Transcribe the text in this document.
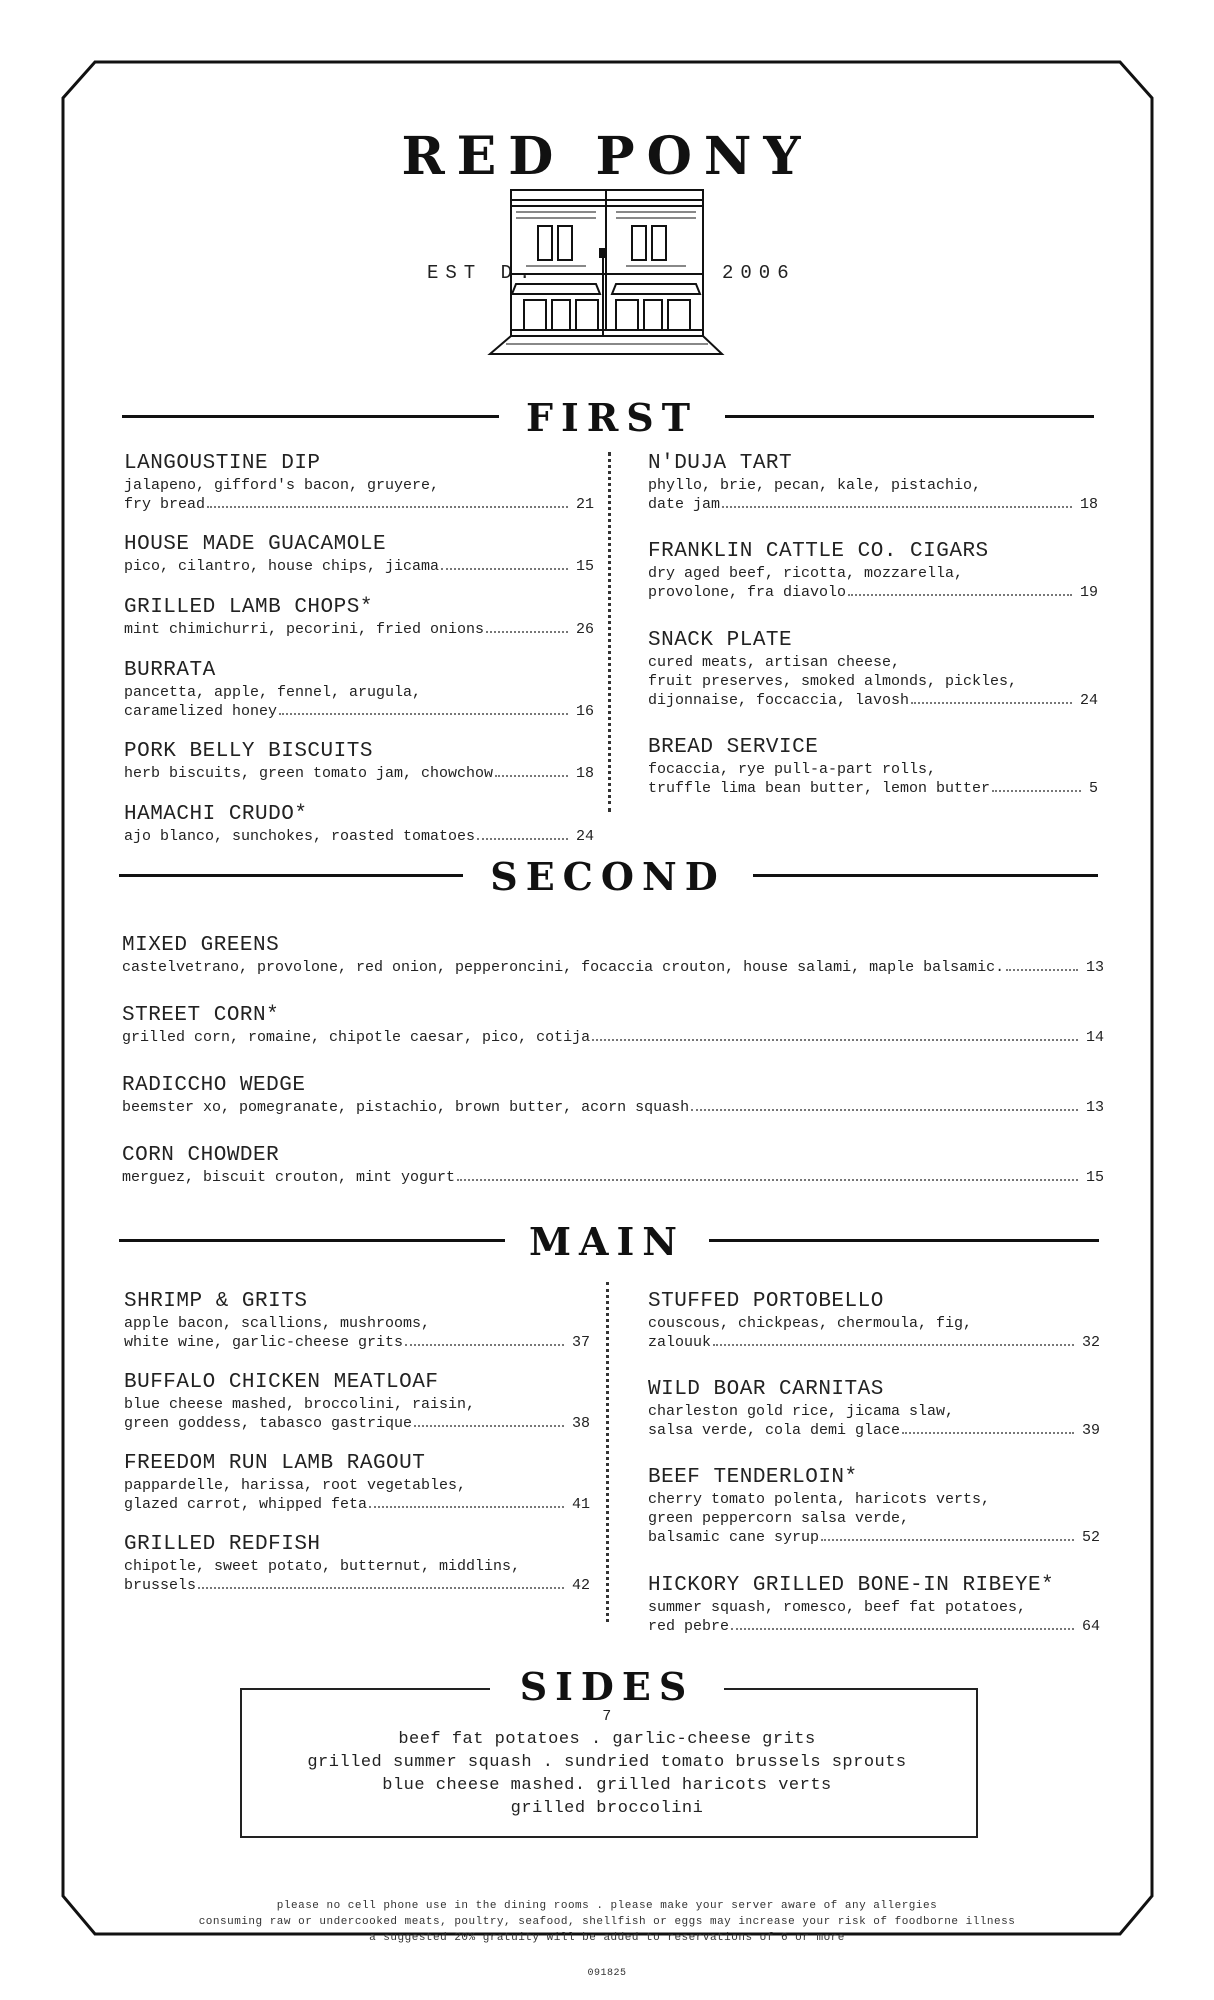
RED PONY
EST D.	2006
FIRST
LANGOUSTINE DIP
jalapeno, gifford's bacon, gruyere,
fry bread	21
HOUSE MADE GUACAMOLE
pico, cilantro, house chips, jicama	15
GRILLED LAMB CHOPS*
mint chimichurri, pecorini, fried onions	26
BURRATA
pancetta, apple, fennel, arugula,
caramelized honey	16
PORK BELLY BISCUITS
herb biscuits, green tomato jam, chowchow	18
HAMACHI CRUDO*
ajo blanco, sunchokes, roasted tomatoes	24
N'DUJA TART
phyllo, brie, pecan, kale, pistachio,
date jam	18
FRANKLIN CATTLE CO. CIGARS
dry aged beef, ricotta, mozzarella,
provolone, fra diavolo	19
SNACK PLATE
cured meats, artisan cheese,
fruit preserves, smoked almonds, pickles,
dijonnaise, foccaccia, lavosh	24
BREAD SERVICE
focaccia, rye pull-a-part rolls,
truffle lima bean butter, lemon butter	5
SECOND
MIXED GREENS
castelvetrano, provolone, red onion, pepperoncini, focaccia crouton, house salami, maple balsamic.	13
STREET CORN*
grilled corn, romaine, chipotle caesar, pico, cotija	14
RADICCHO WEDGE
beemster xo, pomegranate, pistachio, brown butter, acorn squash	13
CORN CHOWDER
merguez, biscuit crouton, mint yogurt	15
MAIN
SHRIMP & GRITS
apple bacon, scallions, mushrooms,
white wine, garlic-cheese grits	37
BUFFALO CHICKEN MEATLOAF
blue cheese mashed, broccolini, raisin,
green goddess, tabasco gastrique	38
FREEDOM RUN LAMB RAGOUT
pappardelle, harissa, root vegetables,
glazed carrot, whipped feta	41
GRILLED REDFISH
chipotle, sweet potato, butternut, middlins,
brussels	42
STUFFED PORTOBELLO
couscous, chickpeas, chermoula, fig,
zalouuk	32
WILD BOAR CARNITAS
charleston gold rice, jicama slaw,
salsa verde, cola demi glace	39
BEEF TENDERLOIN*
cherry tomato polenta, haricots verts,
green peppercorn salsa verde,
balsamic cane syrup	52
HICKORY GRILLED BONE-IN RIBEYE*
summer squash, romesco, beef fat potatoes,
red pebre	64
SIDES
7
beef fat potatoes . garlic-cheese grits
grilled summer squash . sundried tomato brussels sprouts
blue cheese mashed. grilled haricots verts
grilled broccolini
please no cell phone use in the dining rooms . please make your server aware of any allergies
consuming raw or undercooked meats, poultry, seafood, shellfish or eggs may increase your risk of foodborne illness
a suggested 20% gratuity will be added to reservations of 6 or more
091825
